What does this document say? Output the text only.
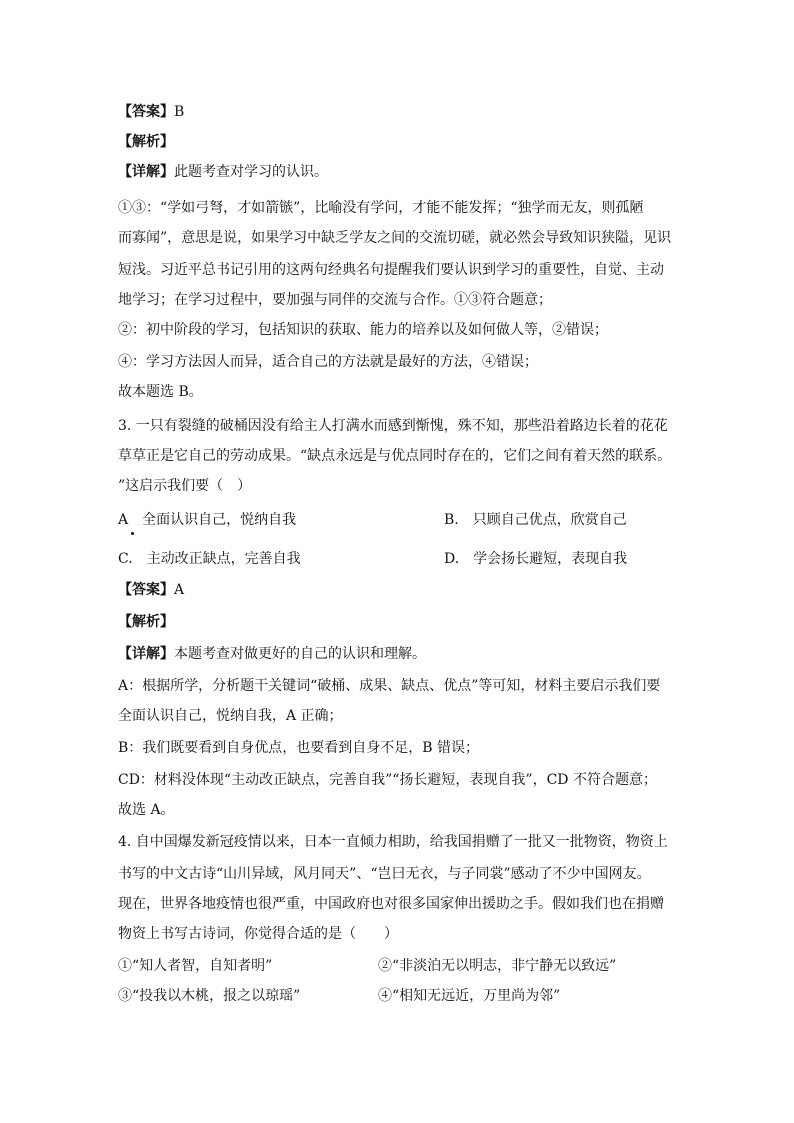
【答案】B
【解析】
【详解】此题考查对学习的认识。
①③：“学如弓弩，才如箭镞”，比喻没有学问，才能不能发挥；“独学而无友，则孤陋
而寡闻”，意思是说，如果学习中缺乏学友之间的交流切磋，就必然会导致知识狭隘，见识
短浅。习近平总书记引用的这两句经典名句提醒我们要认识到学习的重要性，自觉、主动
地学习；在学习过程中，要加强与同伴的交流与合作。①③符合题意；
②：初中阶段的学习，包括知识的获取、能力的培养以及如何做人等，②错误；
④：学习方法因人而异，适合自己的方法就是最好的方法，④错误；
故本题选 B。
3. 一只有裂缝的破桶因没有给主人打满水而感到惭愧，殊不知，那些沿着路边长着的花花
草草正是它自己的劳动成果。“缺点永远是与优点同时存在的，它们之间有着天然的联系。
”这启示我们要（　）
A　全面认识自己，悦纳自我	B.　只顾自己优点，欣赏自己
C.　主动改正缺点，完善自我	D.　学会扬长避短，表现自我
【答案】A
【解析】
【详解】本题考查对做更好的自己的认识和理解。
A：根据所学，分析题干关键词“破桶、成果、缺点、优点”等可知，材料主要启示我们要
全面认识自己，悦纳自我，A 正确；
B：我们既要看到自身优点，也要看到自身不足，B 错误；
CD：材料没体现“主动改正缺点，完善自我”“扬长避短，表现自我”，CD 不符合题意；
故选 A。
4. 自中国爆发新冠疫情以来，日本一直倾力相助，给我国捐赠了一批又一批物资，物资上
书写的中文古诗“山川异域，风月同天”、“岂曰无衣，与子同裳”感动了不少中国网友。
现在，世界各地疫情也很严重，中国政府也对很多国家伸出援助之手。假如我们也在捐赠
物资上书写古诗词，你觉得合适的是（　　）
①“知人者智，自知者明”	②“非淡泊无以明志，非宁静无以致远”
③“投我以木桃，报之以琼瑶”	④“相知无远近，万里尚为邻”
